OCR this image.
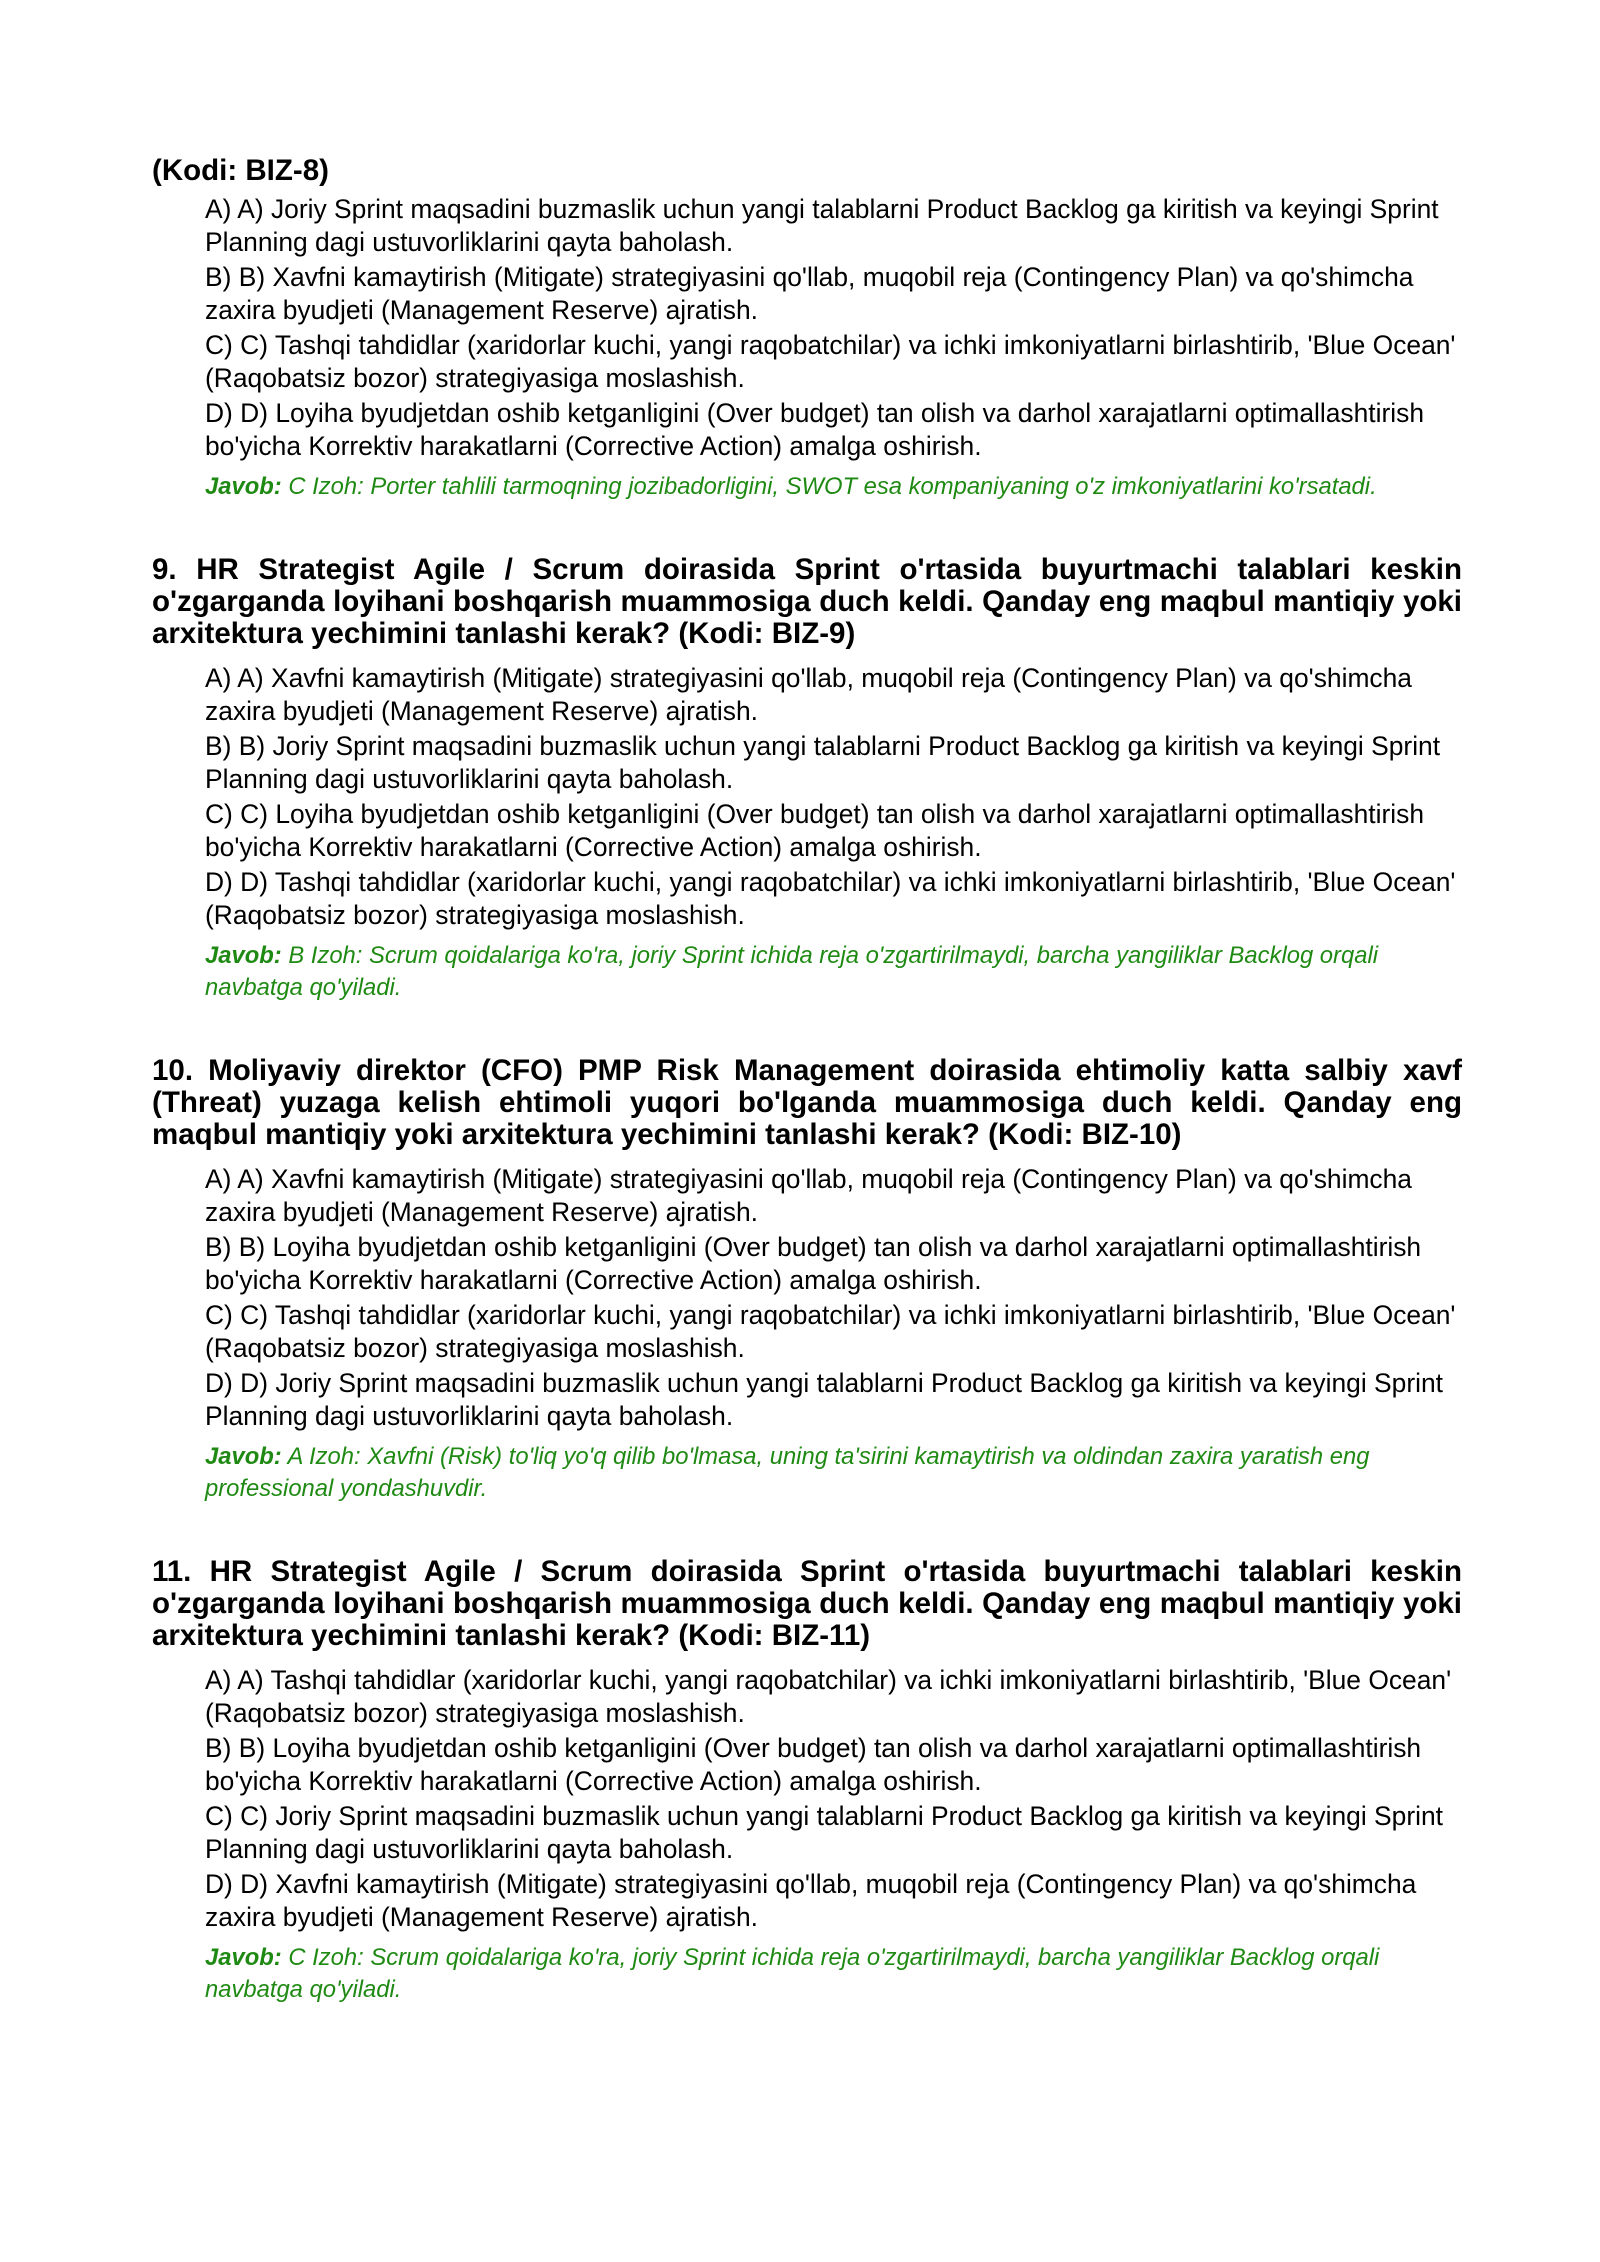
(Kodi: BIZ-8)
A) A) Joriy Sprint maqsadini buzmaslik uchun yangi talablarni Product Backlog ga kiritish va keyingi Sprint Planning dagi ustuvorliklarini qayta baholash.
B) B) Xavfni kamaytirish (Mitigate) strategiyasini qo'llab, muqobil reja (Contingency Plan) va qo'shimcha zaxira byudjeti (Management Reserve) ajratish.
C) C) Tashqi tahdidlar (xaridorlar kuchi, yangi raqobatchilar) va ichki imkoniyatlarni birlashtirib, 'Blue Ocean' (Raqobatsiz bozor) strategiyasiga moslashish.
D) D) Loyiha byudjetdan oshib ketganligini (Over budget) tan olish va darhol xarajatlarni optimallashtirish bo'yicha Korrektiv harakatlarni (Corrective Action) amalga oshirish.
Javob: C Izoh: Porter tahlili tarmoqning jozibadorligini, SWOT esa kompaniyaning o'z imkoniyatlarini ko'rsatadi.
9. HR Strategist Agile / Scrum doirasida Sprint o'rtasida buyurtmachi talablari keskin o'zgarganda loyihani boshqarish muammosiga duch keldi. Qanday eng maqbul mantiqiy yoki arxitektura yechimini tanlashi kerak? (Kodi: BIZ-9)
A) A) Xavfni kamaytirish (Mitigate) strategiyasini qo'llab, muqobil reja (Contingency Plan) va qo'shimcha zaxira byudjeti (Management Reserve) ajratish.
B) B) Joriy Sprint maqsadini buzmaslik uchun yangi talablarni Product Backlog ga kiritish va keyingi Sprint Planning dagi ustuvorliklarini qayta baholash.
C) C) Loyiha byudjetdan oshib ketganligini (Over budget) tan olish va darhol xarajatlarni optimallashtirish bo'yicha Korrektiv harakatlarni (Corrective Action) amalga oshirish.
D) D) Tashqi tahdidlar (xaridorlar kuchi, yangi raqobatchilar) va ichki imkoniyatlarni birlashtirib, 'Blue Ocean' (Raqobatsiz bozor) strategiyasiga moslashish.
Javob: B Izoh: Scrum qoidalariga ko'ra, joriy Sprint ichida reja o'zgartirilmaydi, barcha yangiliklar Backlog orqali navbatga qo'yiladi.
10. Moliyaviy direktor (CFO) PMP Risk Management doirasida ehtimoliy katta salbiy xavf (Threat) yuzaga kelish ehtimoli yuqori bo'lganda muammosiga duch keldi. Qanday eng maqbul mantiqiy yoki arxitektura yechimini tanlashi kerak? (Kodi: BIZ-10)
A) A) Xavfni kamaytirish (Mitigate) strategiyasini qo'llab, muqobil reja (Contingency Plan) va qo'shimcha zaxira byudjeti (Management Reserve) ajratish.
B) B) Loyiha byudjetdan oshib ketganligini (Over budget) tan olish va darhol xarajatlarni optimallashtirish bo'yicha Korrektiv harakatlarni (Corrective Action) amalga oshirish.
C) C) Tashqi tahdidlar (xaridorlar kuchi, yangi raqobatchilar) va ichki imkoniyatlarni birlashtirib, 'Blue Ocean' (Raqobatsiz bozor) strategiyasiga moslashish.
D) D) Joriy Sprint maqsadini buzmaslik uchun yangi talablarni Product Backlog ga kiritish va keyingi Sprint Planning dagi ustuvorliklarini qayta baholash.
Javob: A Izoh: Xavfni (Risk) to'liq yo'q qilib bo'lmasa, uning ta'sirini kamaytirish va oldindan zaxira yaratish eng professional yondashuvdir.
11. HR Strategist Agile / Scrum doirasida Sprint o'rtasida buyurtmachi talablari keskin o'zgarganda loyihani boshqarish muammosiga duch keldi. Qanday eng maqbul mantiqiy yoki arxitektura yechimini tanlashi kerak? (Kodi: BIZ-11)
A) A) Tashqi tahdidlar (xaridorlar kuchi, yangi raqobatchilar) va ichki imkoniyatlarni birlashtirib, 'Blue Ocean' (Raqobatsiz bozor) strategiyasiga moslashish.
B) B) Loyiha byudjetdan oshib ketganligini (Over budget) tan olish va darhol xarajatlarni optimallashtirish bo'yicha Korrektiv harakatlarni (Corrective Action) amalga oshirish.
C) C) Joriy Sprint maqsadini buzmaslik uchun yangi talablarni Product Backlog ga kiritish va keyingi Sprint Planning dagi ustuvorliklarini qayta baholash.
D) D) Xavfni kamaytirish (Mitigate) strategiyasini qo'llab, muqobil reja (Contingency Plan) va qo'shimcha zaxira byudjeti (Management Reserve) ajratish.
Javob: C Izoh: Scrum qoidalariga ko'ra, joriy Sprint ichida reja o'zgartirilmaydi, barcha yangiliklar Backlog orqali navbatga qo'yiladi.
